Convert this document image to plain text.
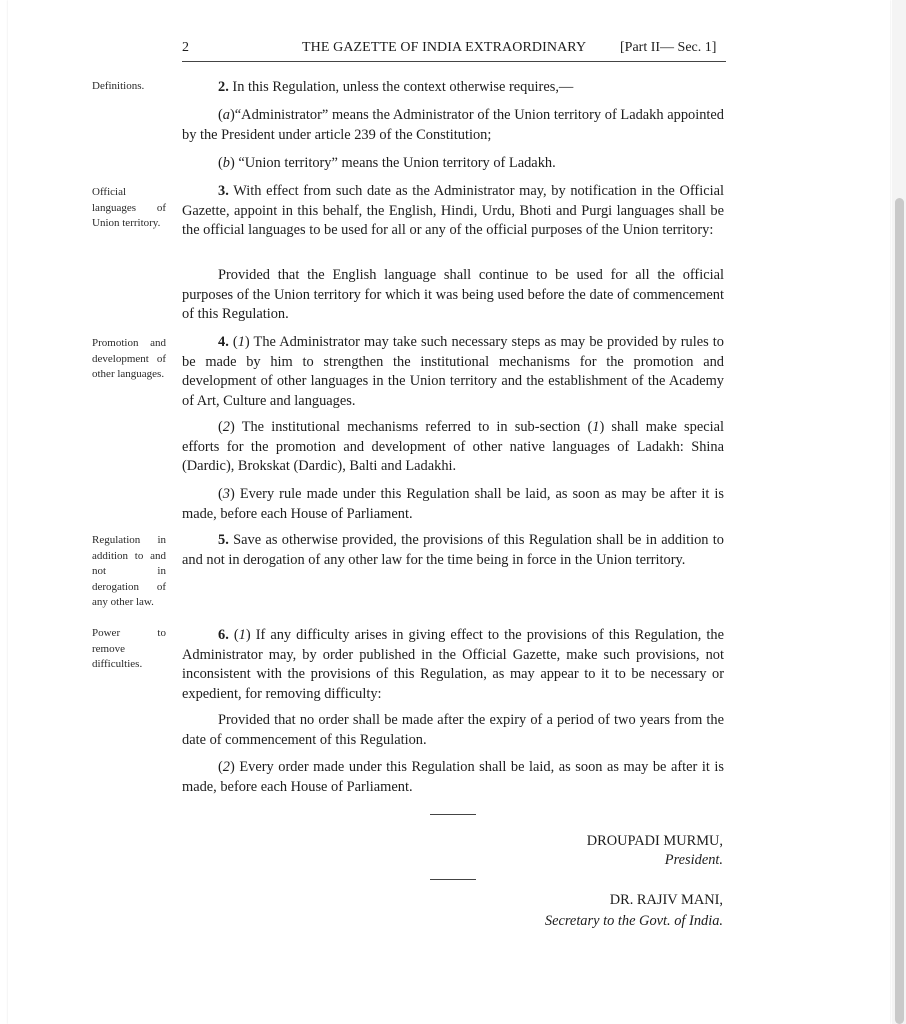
2	THE GAZETTE OF INDIA EXTRAORDINARY [Part II— Sec. 1]
Definitions.
Official languages of Union territory.
Promotion and development of other languages.
Regulation in addition to and not in derogation of any other law.
Power to remove difficulties.
2. In this Regulation, unless the context otherwise requires,—
(a)“Administrator” means the Administrator of the Union territory of Ladakh appointed by the President under article 239 of the Constitution;
(b) “Union territory” means the Union territory of Ladakh.
3. With effect from such date as the Administrator may, by notification in the Official Gazette, appoint in this behalf, the English, Hindi, Urdu, Bhoti and Purgi languages shall be the official languages to be used for all or any of the official purposes of the Union territory:
Provided that the English language shall continue to be used for all the official purposes of the Union territory for which it was being used before the date of commencement of this Regulation.
4. (1) The Administrator may take such necessary steps as may be provided by rules to be made by him to strengthen the institutional mechanisms for the promotion and development of other languages in the Union territory and the establishment of the Academy of Art, Culture and languages.
(2) The institutional mechanisms referred to in sub-section (1) shall make special efforts for the promotion and development of other native languages of Ladakh: Shina (Dardic), Brokskat (Dardic), Balti and Ladakhi.
(3) Every rule made under this Regulation shall be laid, as soon as may be after it is made, before each House of Parliament.
5. Save as otherwise provided, the provisions of this Regulation shall be in addition to and not in derogation of any other law for the time being in force in the Union territory.
6. (1) If any difficulty arises in giving effect to the provisions of this Regulation, the Administrator may, by order published in the Official Gazette, make such provisions, not inconsistent with the provisions of this Regulation, as may appear to it to be necessary or expedient, for removing difficulty:
Provided that no order shall be made after the expiry of a period of two years from the date of commencement of this Regulation.
(2) Every order made under this Regulation shall be laid, as soon as may be after it is made, before each House of Parliament.
DROUPADI MURMU,
President.
DR. RAJIV MANI,
Secretary to the Govt. of India.
